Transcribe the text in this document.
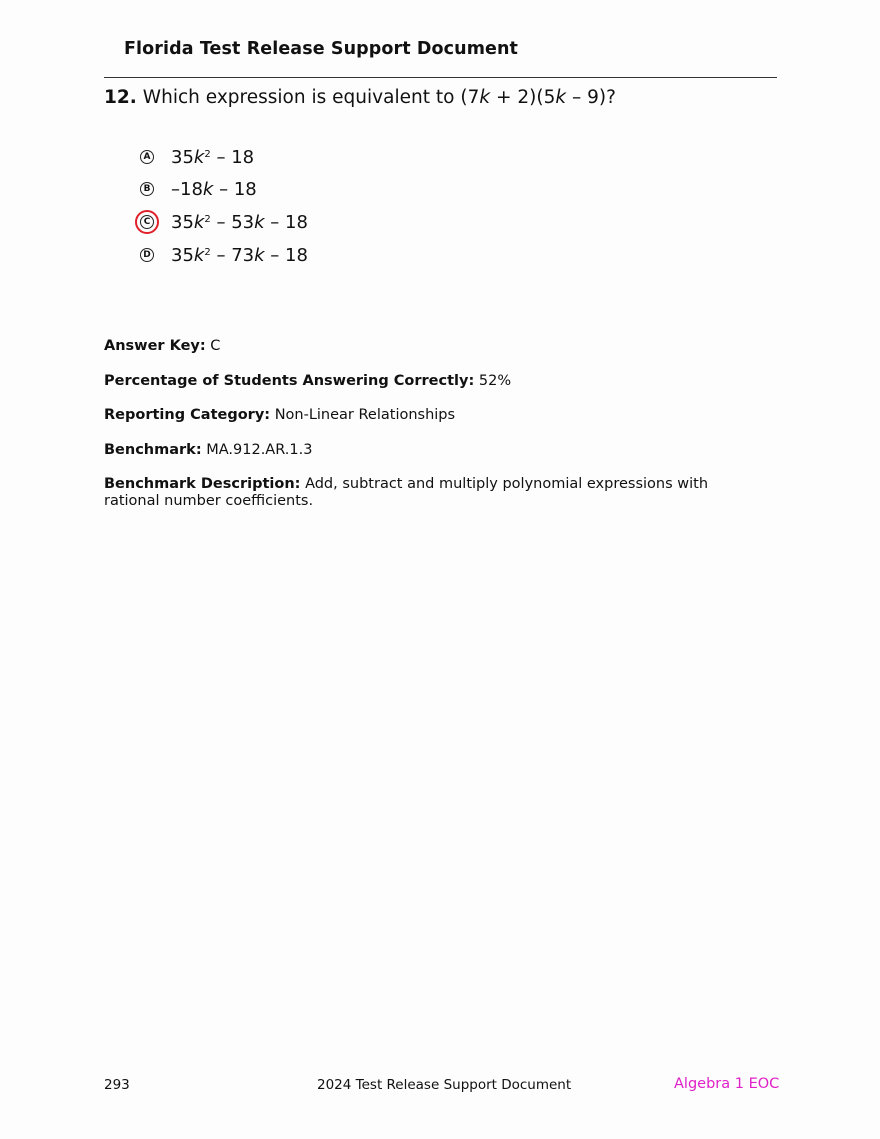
Florida Test Release Support Document
12. Which expression is equivalent to (7k + 2)(5k – 9)?
A $35k^2 - 18$
B –18k – 18
C $35k^2 - 53k - 18$
D $35k^2 - 73k - 18$
Answer Key: C
Percentage of Students Answering Correctly: 52%
Reporting Category: Non-Linear Relationships
Benchmark: MA.912.AR.1.3
Benchmark Description: Add, subtract and multiply polynomial expressions with rational number coefficients.
293	2024 Test Release Support Document	Algebra 1 EOC
